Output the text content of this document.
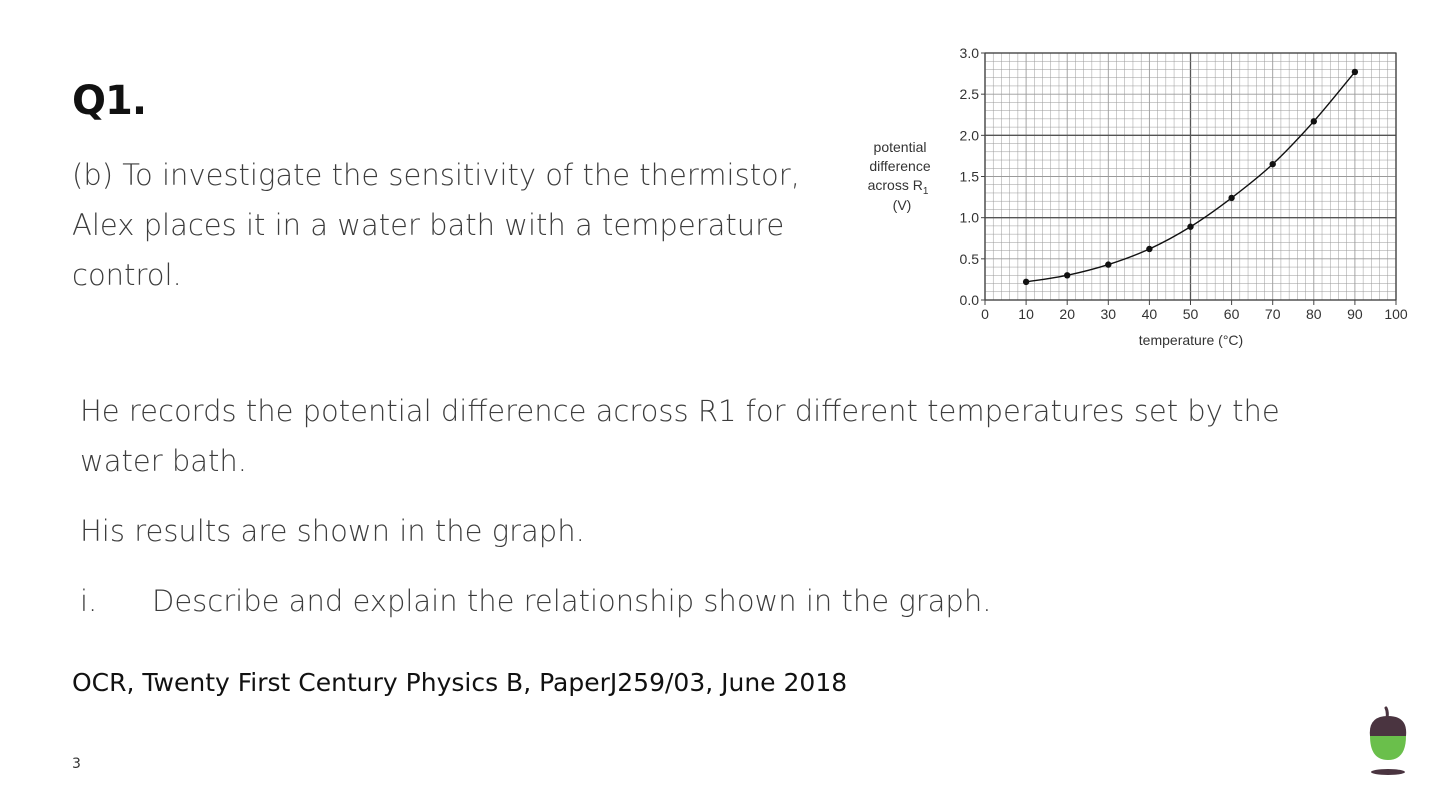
Q1.

(b) To investigate the sensitivity of the thermistor, Alex places it in a water bath with a temperature control.

potential
difference
across $R_1$
(V)
temperature (°C)
0 10 20 30 40 50 60 70 80 90 100
0.0
0.5
1.0
1.5
2.0
2.5
3.0

He records the potential difference across R1 for different temperatures set by the water bath.

His results are shown in the graph.

i. Describe and explain the relationship shown in the graph.

OCR, Twenty First Century Physics B, PaperJ259/03, June 2018

3
